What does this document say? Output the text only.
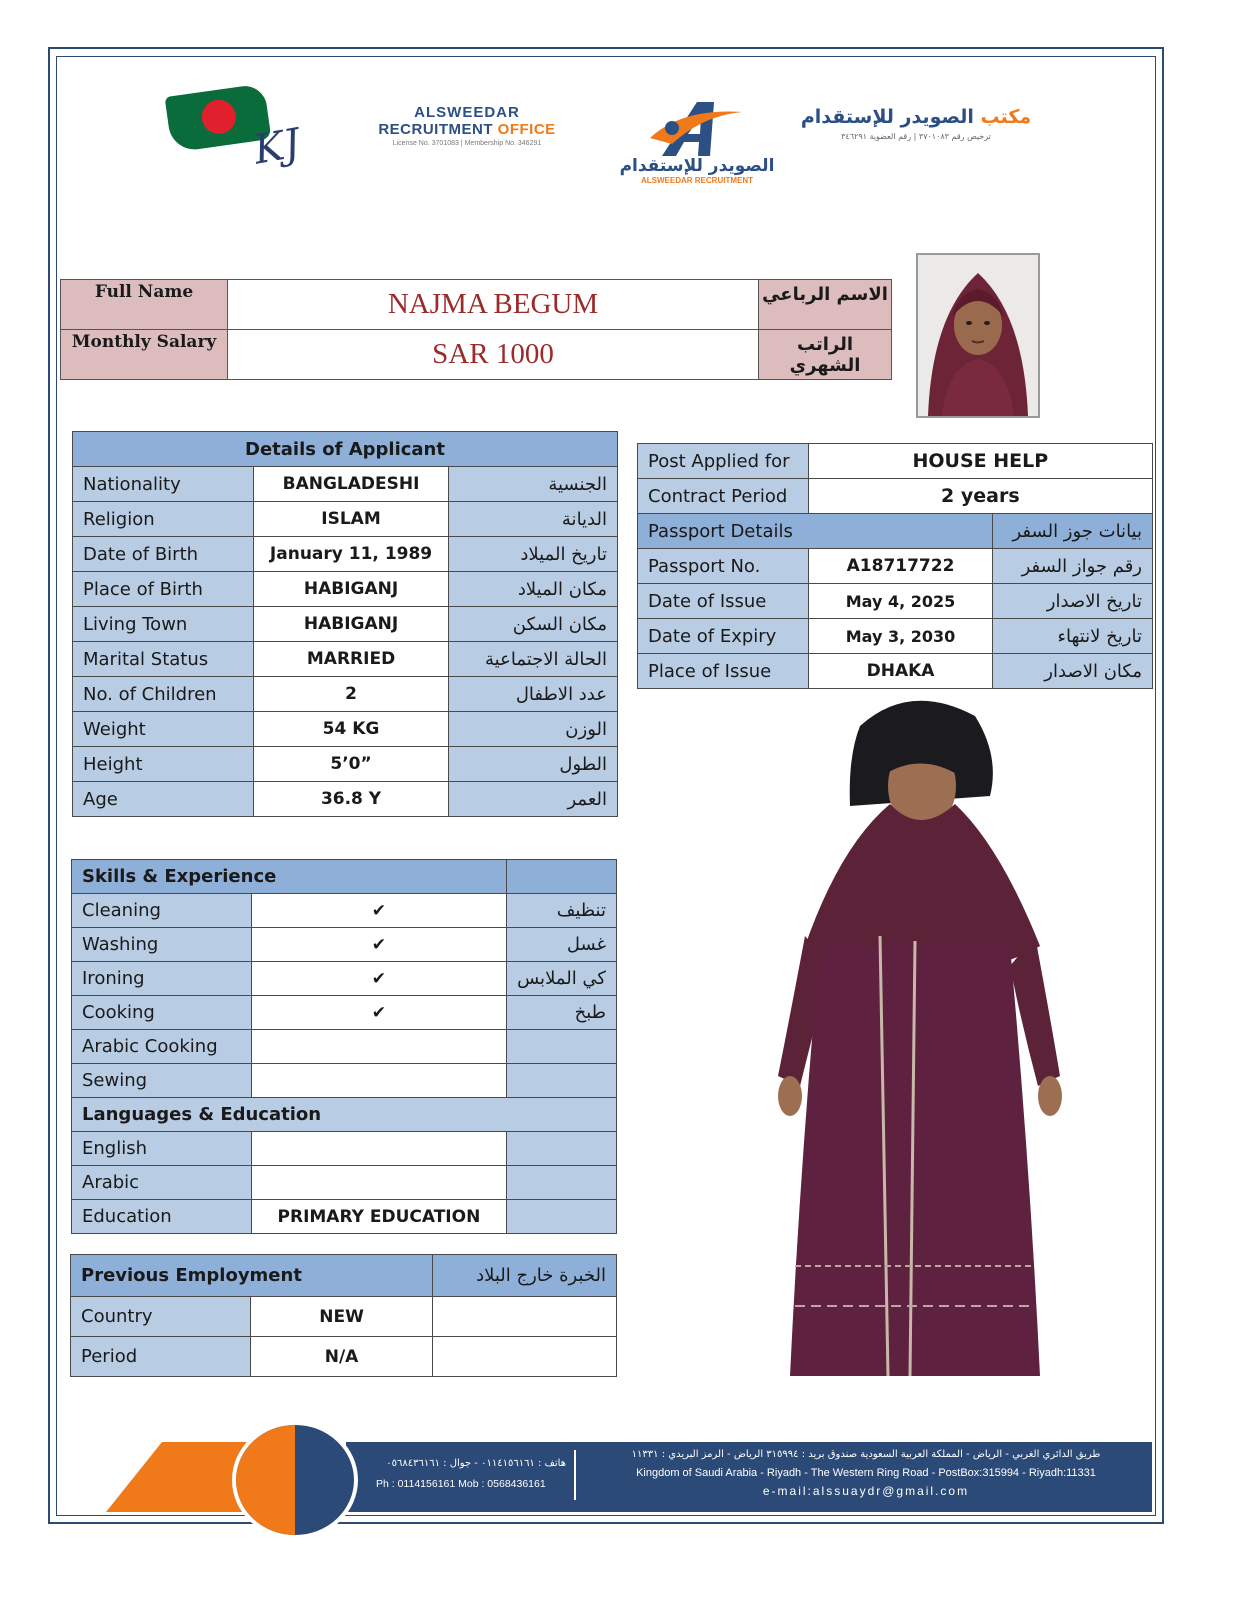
KJ
ALSWEEDAR
RECRUITMENT OFFICE
License No. 3701083 | Membership No. 346291
الصويدر للإستقدام
ALSWEEDAR RECRUITMENT
مكتب الصويدر للإستقدام
ترخيص رقم ٣٧٠١٠٨٣ | رقم العضوية ٣٤٦٢٩١
Full Name	NAJMA BEGUM	الاسم الرباعي
Monthly Salary	SAR 1000	الراتب الشهري
Details of Applicant		
Nationality	BANGLADESHI	الجنسية
Religion	ISLAM	الديانة
Date of Birth	January 11, 1989	تاريخ الميلاد
Place of Birth	HABIGANJ	مكان الميلاد
Living Town	HABIGANJ	مكان السكن
Marital Status	MARRIED	الحالة الاجتماعية
No. of Children	2	عدد الاطفال
Weight	54 KG	الوزن
Height	5’0”	الطول
Age	36.8 Y	العمر
Post Applied for	HOUSE HELP	
Contract Period	2 years	
Passport Details		بيانات جوز السفر
Passport No.	A18717722	رقم جواز السفر
Date of Issue	May 4, 2025	تاريخ الاصدار
Date of Expiry	May 3, 2030	تاريخ لانتهاء
Place of Issue	DHAKA	مكان الاصدار
Skills & Experience		
Cleaning	✔	تنظيف
Washing	✔	غسل
Ironing	✔	كي الملابس
Cooking	✔	طبخ
Arabic Cooking		
Sewing		
Languages & Education		
English		
Arabic		
Education	PRIMARY EDUCATION	
Previous Employment		الخبرة خارج البلاد
Country	NEW	
Period	N/A	
هاتف : ٠١١٤١٥٦١٦١ - جوال : ٠٥٦٨٤٣٦١٦١
Ph : 0114156161 Mob : 0568436161
طريق الدائري الغربي - الرياض - المملكة العربية السعودية صندوق بريد : ٣١٥٩٩٤ الرياض - الرمز البريدي : ١١٣٣١
Kingdom of Saudi Arabia - Riyadh - The Western Ring Road - PostBox:315994 - Riyadh:11331
e-mail:alssuaydr@gmail.com
